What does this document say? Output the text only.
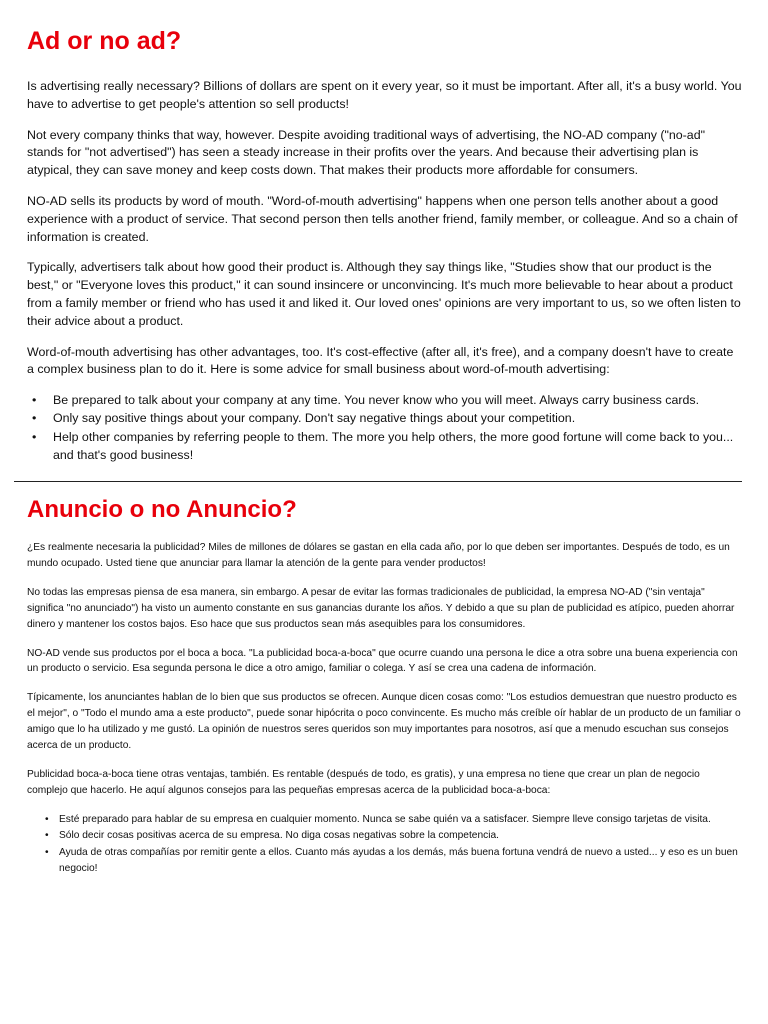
Ad or no ad?

Is advertising really necessary? Billions of dollars are spent on it every year, so it must be important. After all, it's a busy world. You have to advertise to get people's attention so sell products!

Not every company thinks that way, however. Despite avoiding traditional ways of advertising, the NO-AD company ("no-ad" stands for "not advertised") has seen a steady increase in their profits over the years. And because their advertising plan is atypical, they can save money and keep costs down. That makes their products more affordable for consumers.

NO-AD sells its products by word of mouth. "Word-of-mouth advertising" happens when one person tells another about a good experience with a product of service. That second person then tells another friend, family member, or colleague. And so a chain of information is created.

Typically, advertisers talk about how good their product is. Although they say things like, "Studies show that our product is the best," or "Everyone loves this product," it can sound insincere or unconvincing. It's much more believable to hear about a product from a family member or friend who has used it and liked it. Our loved ones' opinions are very important to us, so we often listen to their advice about a product.

Word-of-mouth advertising has other advantages, too. It's cost-effective (after all, it's free), and a company doesn't have to create a complex business plan to do it. Here is some advice for small business about word-of-mouth advertising:

• Be prepared to talk about your company at any time. You never know who you will meet. Always carry business cards.
• Only say positive things about your company. Don't say negative things about your competition.
• Help other companies by referring people to them. The more you help others, the more good fortune will come back to you... and that's good business!
Anuncio o no Anuncio?

¿Es realmente necesaria la publicidad? Miles de millones de dólares se gastan en ella cada año, por lo que deben ser importantes. Después de todo, es un mundo ocupado. Usted tiene que anunciar para llamar la atención de la gente para vender productos!

No todas las empresas piensa de esa manera, sin embargo. A pesar de evitar las formas tradicionales de publicidad, la empresa NO-AD ("sin ventaja" significa "no anunciado") ha visto un aumento constante en sus ganancias durante los años. Y debido a que su plan de publicidad es atípico, pueden ahorrar dinero y mantener los costos bajos. Eso hace que sus productos sean más asequibles para los consumidores.

NO-AD vende sus productos por el boca a boca. "La publicidad boca-a-boca" que ocurre cuando una persona le dice a otra sobre una buena experiencia con un producto o servicio. Esa segunda persona le dice a otro amigo, familiar o colega. Y así se crea una cadena de información.

Típicamente, los anunciantes hablan de lo bien que sus productos se ofrecen. Aunque dicen cosas como: "Los estudios demuestran que nuestro producto es el mejor", o "Todo el mundo ama a este producto", puede sonar hipócrita o poco convincente. Es mucho más creíble oír hablar de un producto de un familiar o amigo que lo ha utilizado y me gustó. La opinión de nuestros seres queridos son muy importantes para nosotros, así que a menudo escuchan sus consejos acerca de un producto.

Publicidad boca-a-boca tiene otras ventajas, también. Es rentable (después de todo, es gratis), y una empresa no tiene que crear un plan de negocio complejo que hacerlo. He aquí algunos consejos para las pequeñas empresas acerca de la publicidad boca-a-boca:

• Esté preparado para hablar de su empresa en cualquier momento. Nunca se sabe quién va a satisfacer. Siempre lleve consigo tarjetas de visita.
• Sólo decir cosas positivas acerca de su empresa. No diga cosas negativas sobre la competencia.
• Ayuda de otras compañías por remitir gente a ellos. Cuanto más ayudas a los demás, más buena fortuna vendrá de nuevo a usted... y eso es un buen negocio!
